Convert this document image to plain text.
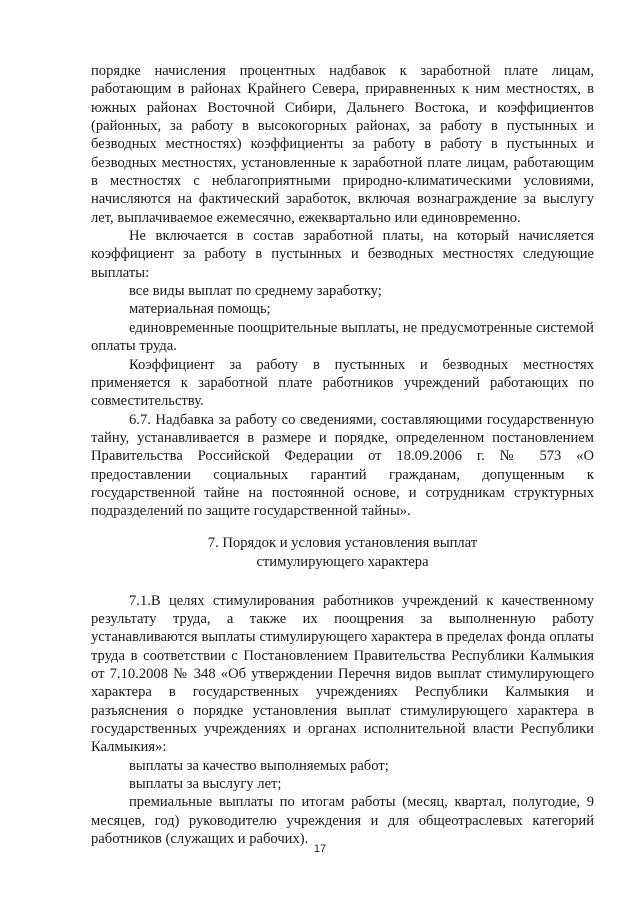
порядке начисления процентных надбавок к заработной плате лицам, работающим в районах Крайнего Севера, приравненных к ним местностях, в южных районах Восточной Сибири, Дальнего Востока, и коэффициентов (районных, за работу в высокогорных районах, за работу в пустынных и безводных местностях) коэффициенты за работу в работу в пустынных и безводных местностях, установленные к заработной плате лицам, работающим в местностях с неблагоприятными природно-климатическими условиями, начисляются на фактический заработок, включая вознаграждение за выслугу лет, выплачиваемое ежемесячно, ежеквартально или единовременно.

Не включается в состав заработной платы, на который начисляется коэффициент за работу в пустынных и безводных местностях следующие выплаты:

все виды выплат по среднему заработку;

материальная помощь;

единовременные поощрительные выплаты, не предусмотренные системой оплаты труда.

Коэффициент за работу в пустынных и безводных местностях применяется к заработной плате работников учреждений работающих по совместительству.

6.7. Надбавка за работу со сведениями, составляющими государственную тайну, устанавливается в размере и порядке, определенном постановлением Правительства Российской Федерации от 18.09.2006 г. № 573 «О предоставлении социальных гарантий гражданам, допущенным к государственной тайне на постоянной основе, и сотрудникам структурных подразделений по защите государственной тайны».

7. Порядок и условия установления выплат
стимулирующего характера

7.1.В целях стимулирования работников учреждений к качественному результату труда, а также их поощрения за выполненную работу устанавливаются выплаты стимулирующего характера в пределах фонда оплаты труда в соответствии с Постановлением Правительства Республики Калмыкия от 7.10.2008 № 348 «Об утверждении Перечня видов выплат стимулирующего характера в государственных учреждениях Республики Калмыкия и разъяснения о порядке установления выплат стимулирующего характера в государственных учреждениях и органах исполнительной власти Республики Калмыкия»:

выплаты за качество выполняемых работ;

выплаты за выслугу лет;

премиальные выплаты по итогам работы (месяц, квартал, полугодие, 9 месяцев, год) руководителю учреждения и для общеотраслевых категорий работников (служащих и рабочих).

17
